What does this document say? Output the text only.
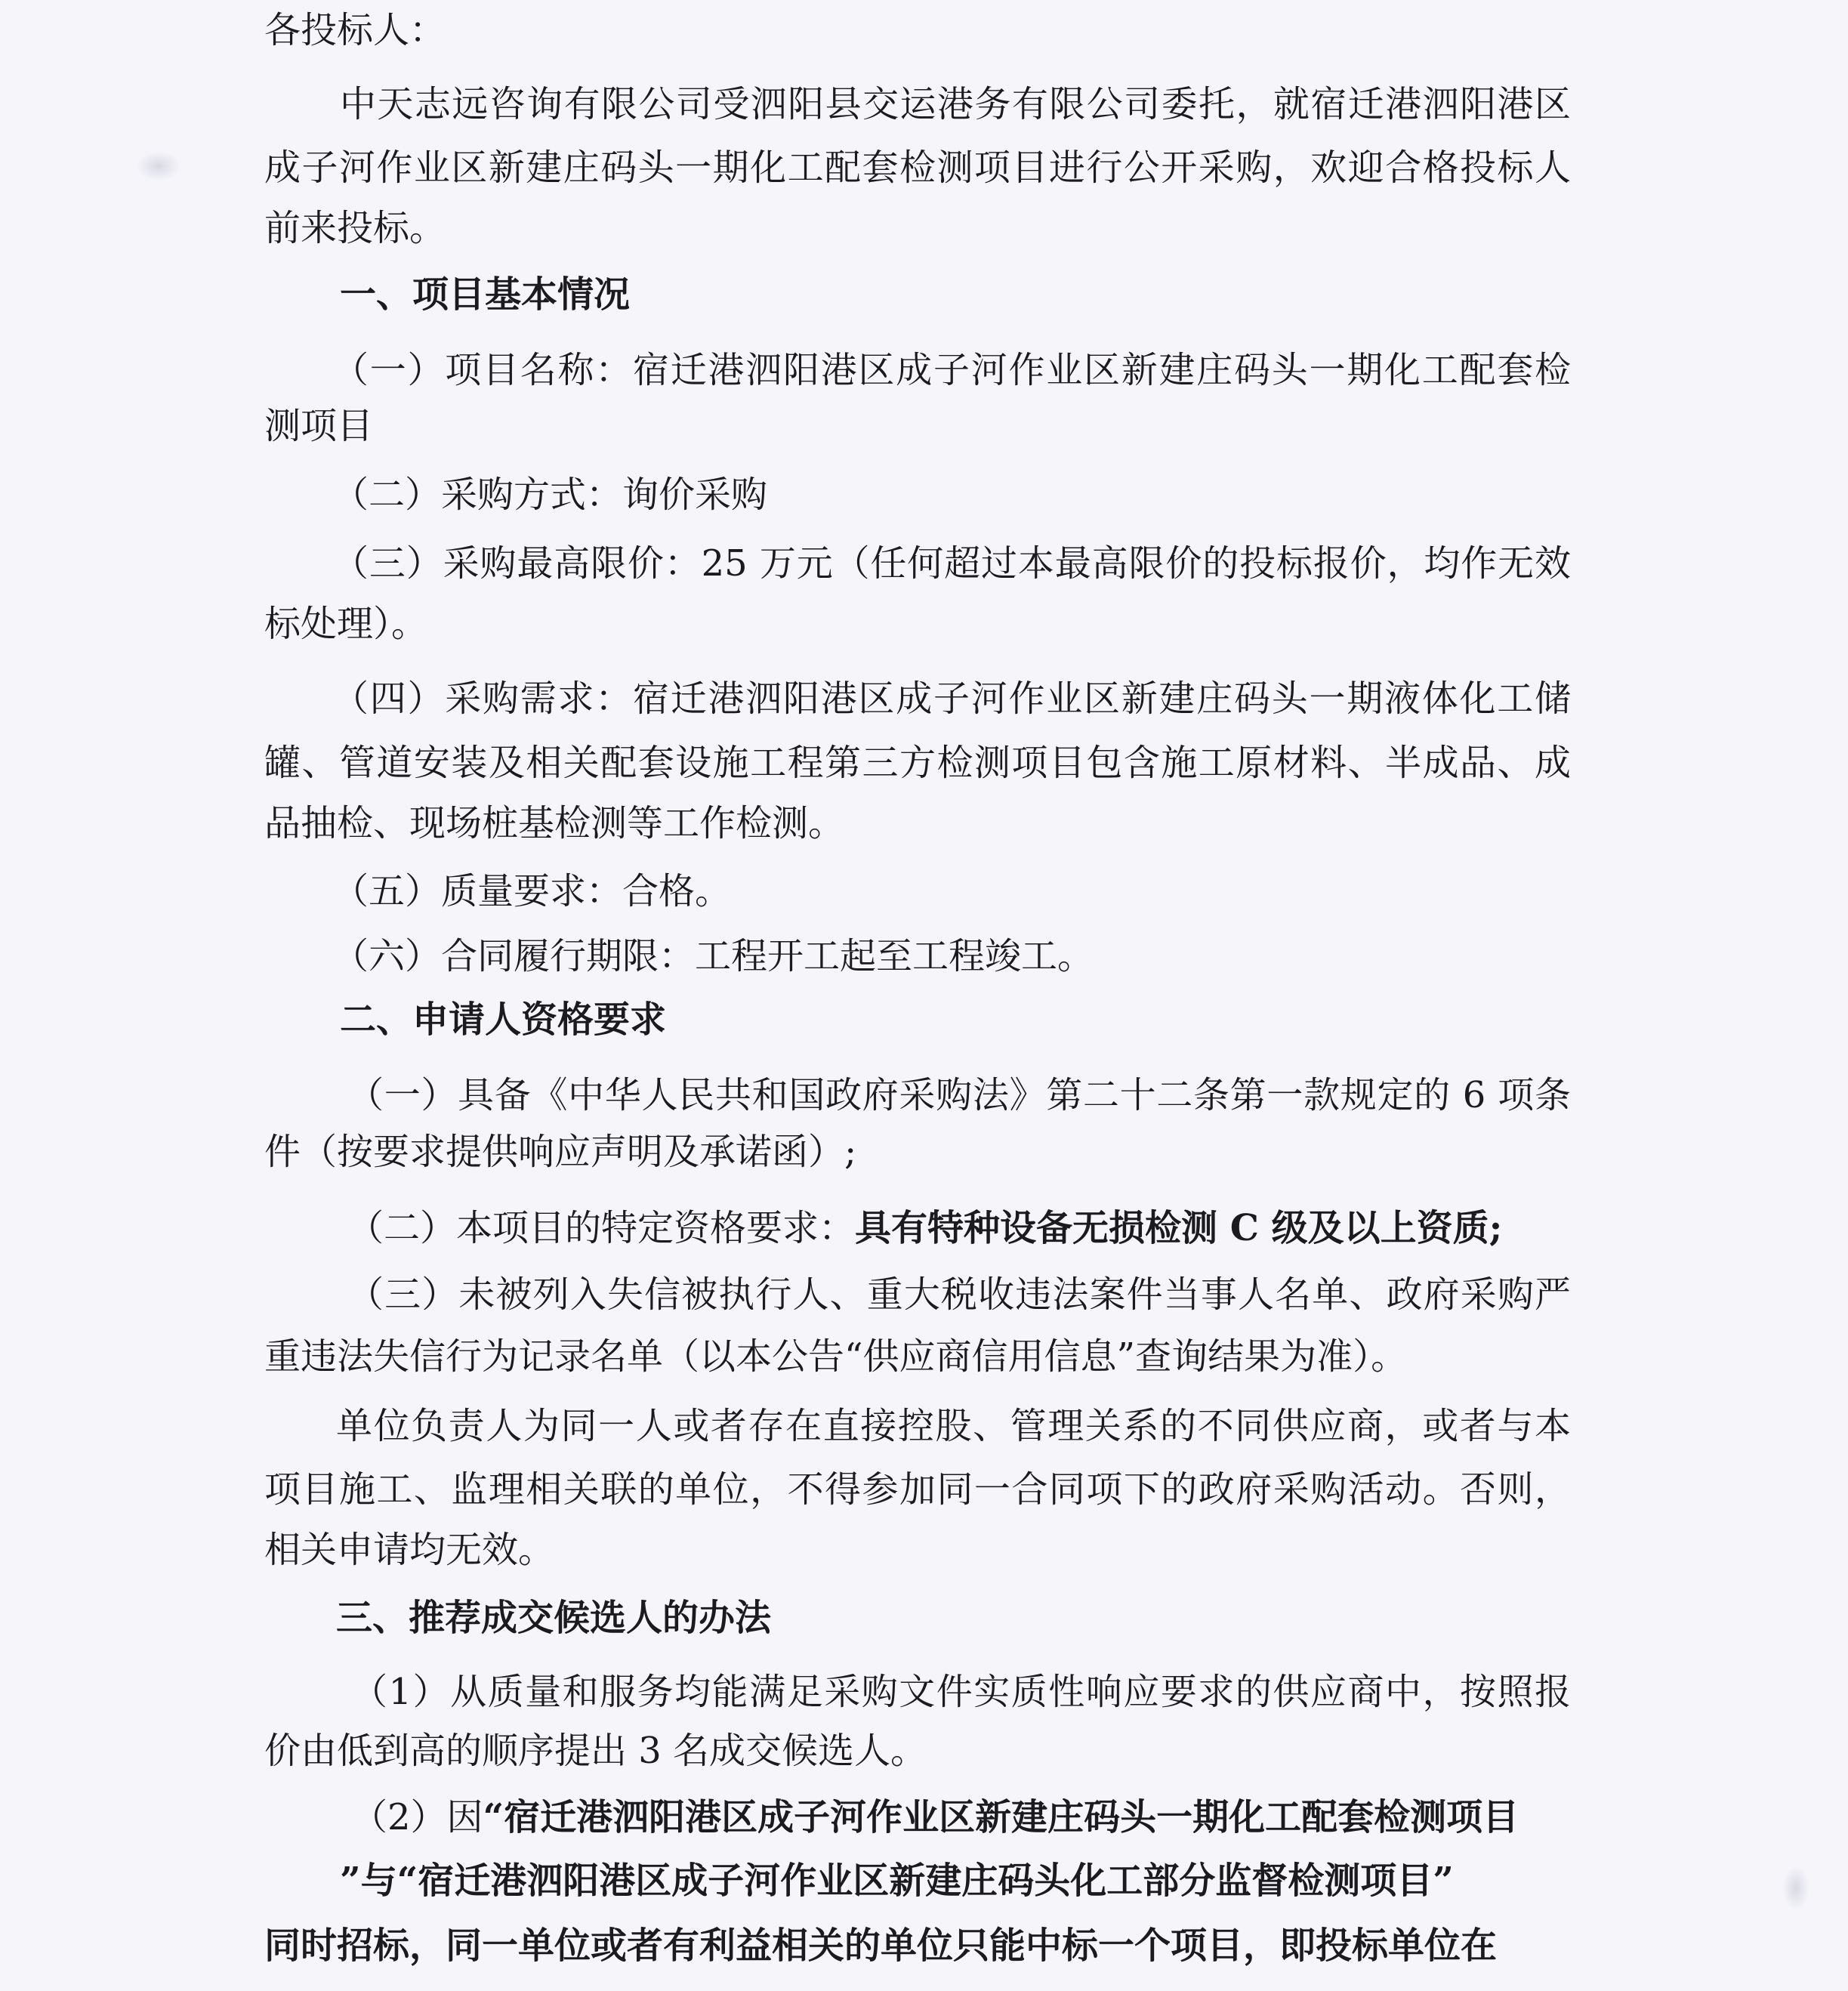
各投标人：
中天志远咨询有限公司受泗阳县交运港务有限公司委托，就宿迁港泗阳港区
成子河作业区新建庄码头一期化工配套检测项目进行公开采购，欢迎合格投标人
前来投标。
一、项目基本情况
（一）项目名称：宿迁港泗阳港区成子河作业区新建庄码头一期化工配套检
测项目
（二）采购方式：询价采购
（三）采购最高限价：25 万元（任何超过本最高限价的投标报价，均作无效
标处理）。
（四）采购需求：宿迁港泗阳港区成子河作业区新建庄码头一期液体化工储
罐、管道安装及相关配套设施工程第三方检测项目包含施工原材料、半成品、成
品抽检、现场桩基检测等工作检测。
（五）质量要求：合格。
（六）合同履行期限：工程开工起至工程竣工。
二、申请人资格要求
（一）具备《中华人民共和国政府采购法》第二十二条第一款规定的 6 项条
件（按要求提供响应声明及承诺函）;
（二）本项目的特定资格要求：具有特种设备无损检测 C 级及以上资质;
（三）未被列入失信被执行人、重大税收违法案件当事人名单、政府采购严
重违法失信行为记录名单（以本公告“供应商信用信息”查询结果为准）。
单位负责人为同一人或者存在直接控股、管理关系的不同供应商，或者与本
项目施工、监理相关联的单位，不得参加同一合同项下的政府采购活动。否则，
相关申请均无效。
三、推荐成交候选人的办法
（1）从质量和服务均能满足采购文件实质性响应要求的供应商中，按照报
价由低到高的顺序提出 3 名成交候选人。
（2）因“宿迁港泗阳港区成子河作业区新建庄码头一期化工配套检测项目
”与“宿迁港泗阳港区成子河作业区新建庄码头化工部分监督检测项目”
同时招标，同一单位或者有利益相关的单位只能中标一个项目，即投标单位在
